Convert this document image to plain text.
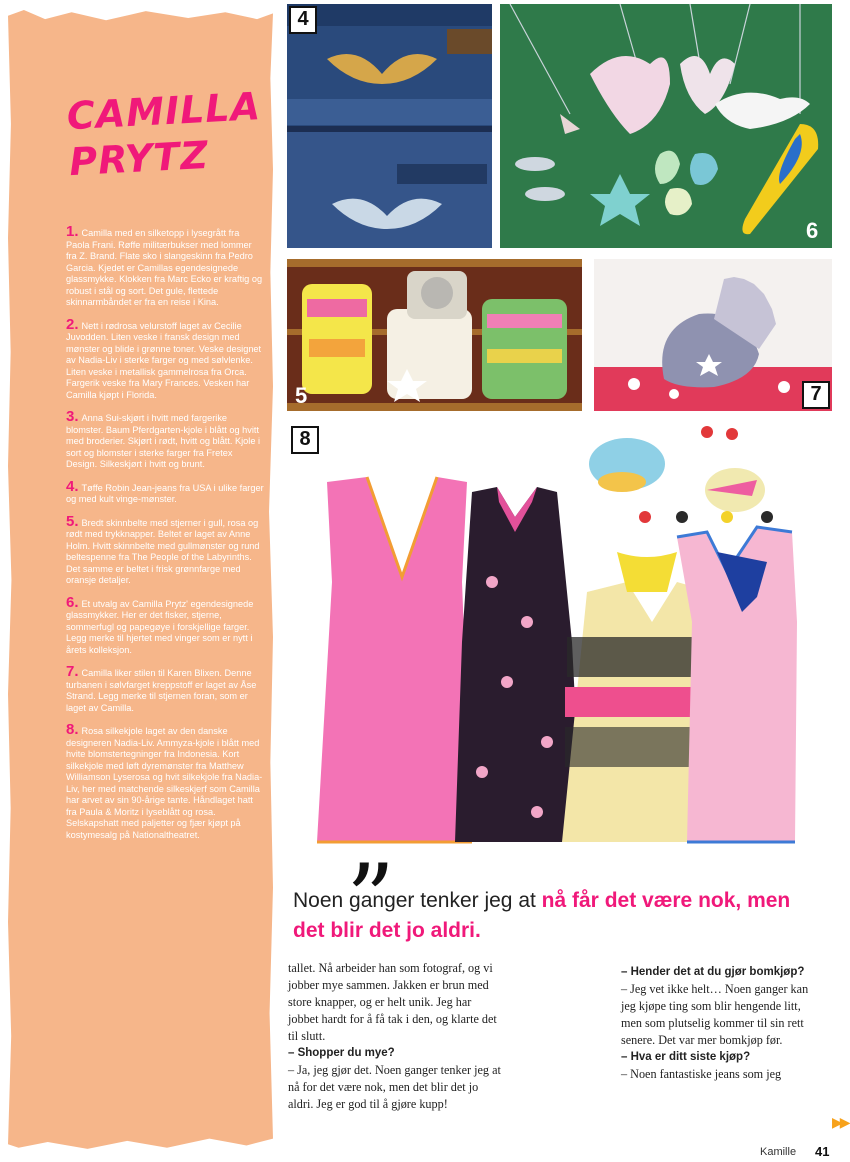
CAMILLA
PRYTZ
1. Camilla med en silketopp i lysegrått fra Paola Frani. Røffe militærbukser med lommer fra Z. Brand. Flate sko i slangeskinn fra Pedro Garcia. Kjedet er Camillas egendesignede glassmykke. Klokken fra Marc Ecko er kraftig og robust i stål og sort. Det gule, flettede skinnarmbåndet er fra en reise i Kina.
2. Nett i rødrosa velurstoff laget av Cecilie Juvodden. Liten veske i fransk design med mønster og blide i grønne toner. Veske designet av Nadia-Liv i sterke farger og med sølvlenke. Liten veske i metallisk gammelrosa fra Orca. Fargerik veske fra Mary Frances. Vesken har Camilla kjøpt i Florida.
3. Anna Sui-skjørt i hvitt med fargerike blomster. Baum Pferdgarten-kjole i blått og hvitt med broderier. Skjørt i rødt, hvitt og blått. Kjole i sort og blomster i sterke farger fra Fretex Design. Silkeskjørt i hvitt og brunt.
4. Tøffe Robin Jean-jeans fra USA i ulike farger og med kult vinge-mønster.
5. Bredt skinnbelte med stjerner i gull, rosa og rødt med trykknapper. Beltet er laget av Anne Holm. Hvitt skinnbelte med gullmønster og rund beltespenne fra The People of the Labyrinths. Det samme er beltet i frisk grønnfarge med oransje detaljer.
6. Et utvalg av Camilla Prytz' egendesignede glassmykker. Her er det fisker, stjerne, sommerfugl og papegøye i forskjellige farger. Legg merke til hjertet med vinger som er nytt i årets kolleksjon.
7. Camilla liker stilen til Karen Blixen. Denne turbanen i sølvfarget kreppstoff er laget av Åse Strand. Legg merke til stjernen foran, som er laget av Camilla.
8. Rosa silkekjole laget av den danske designeren Nadia-Liv. Ammyza-kjole i blått med hvite blomstertegninger fra Indonesia. Kort silkekjole med løft dyremønster fra Matthew Williamson Lyserosa og hvit silkekjole fra Nadia-Liv, her med matchende silkeskjerf som Camilla har arvet av sin 90-årige tante. Håndlaget hatt fra Paula & Moritz i lyseblått og rosa. Selskapshatt med paljetter og fjær kjøpt på kostymesalg på Nationaltheatret.
4
6
5	7
8
”
Noen ganger tenker jeg at nå får det være nok, men det blir det jo aldri.

tallet. Nå arbeider han som fotograf, og vi jobber mye sammen. Jakken er brun med store knapper, og er helt unik. Jeg har jobbet hardt for å få tak i den, og klarte det til slutt.

– Shopper du mye?

– Ja, jeg gjør det. Noen ganger tenker jeg at nå for det være nok, men det blir det jo aldri. Jeg er god til å gjøre kupp!

– Hender det at du gjør bomkjøp?

– Jeg vet ikke helt… Noen ganger kan jeg kjøpe ting som blir hengende litt, men som plutselig kommer til sin rett senere. Det var mer bomkjøp før.

– Hva er ditt siste kjøp?

– Noen fantastiske jeans som jeg

▶▶
Kamille 41
